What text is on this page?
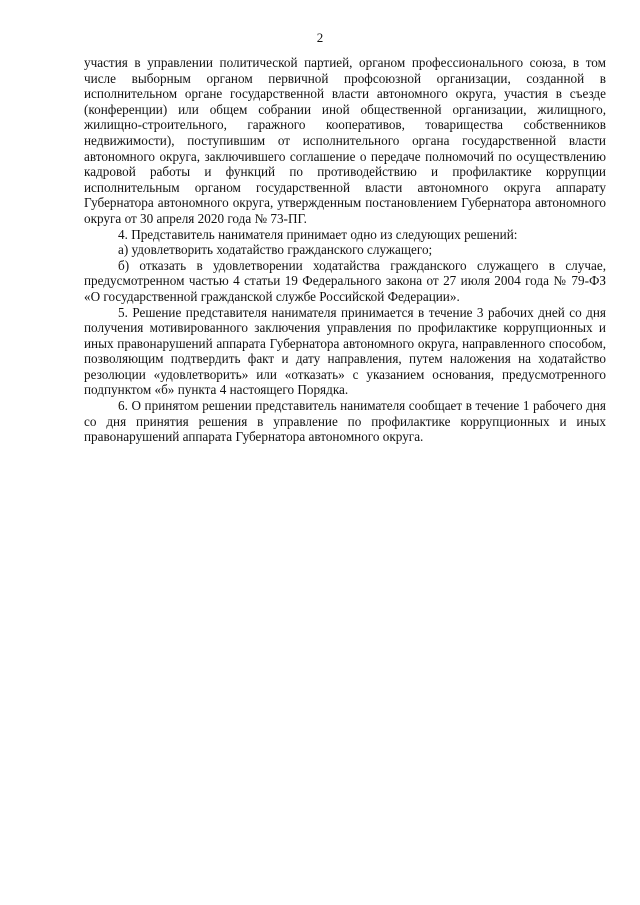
2

участия в управлении политической партией, органом профессионального союза, в том числе выборным органом первичной профсоюзной организации, созданной в исполнительном органе государственной власти автономного округа, участия в съезде (конференции) или общем собрании иной общественной организации, жилищного, жилищно-строительного, гаражного кооперативов, товарищества собственников недвижимости), поступившим от исполнительного органа государственной власти автономного округа, заключившего соглашение о передаче полномочий по осуществлению кадровой работы и функций по противодействию и профилактике коррупции исполнительным органом государственной власти автономного округа аппарату Губернатора автономного округа, утвержденным постановлением Губернатора автономного округа от 30 апреля 2020 года № 73-ПГ.

4. Представитель нанимателя принимает одно из следующих решений:

а) удовлетворить ходатайство гражданского служащего;

б) отказать в удовлетворении ходатайства гражданского служащего в случае, предусмотренном частью 4 статьи 19 Федерального закона от 27 июля 2004 года № 79-ФЗ «О государственной гражданской службе Российской Федерации».

5. Решение представителя нанимателя принимается в течение 3 рабочих дней со дня получения мотивированного заключения управления по профилактике коррупционных и иных правонарушений аппарата Губернатора автономного округа, направленного способом, позволяющим подтвердить факт и дату направления, путем наложения на ходатайство резолюции «удовлетворить» или «отказать» с указанием основания, предусмотренного подпунктом «б» пункта 4 настоящего Порядка.

6. О принятом решении представитель нанимателя сообщает в течение 1 рабочего дня со дня принятия решения в управление по профилактике коррупционных и иных правонарушений аппарата Губернатора автономного округа.
